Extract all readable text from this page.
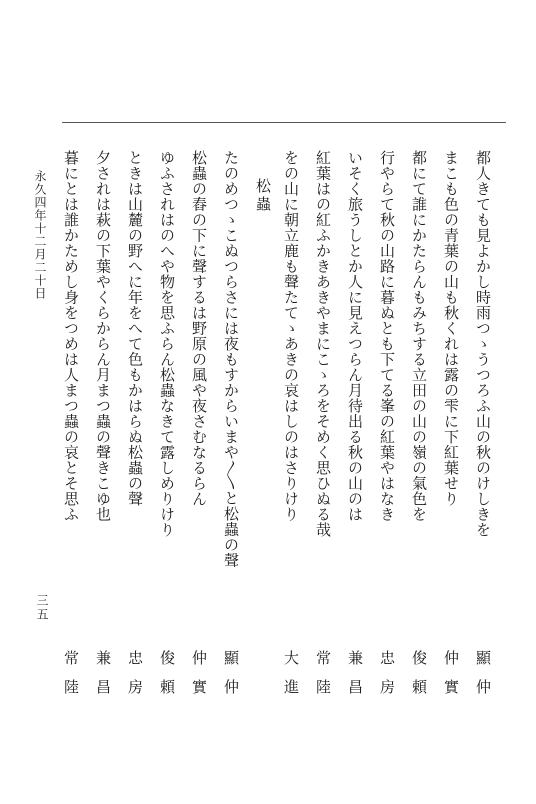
都人きても見よかし時雨つゝうつろふ山の秋のけしきを
まこも色の青葉の山も秋くれは露の雫に下紅葉せり
都にて誰にかたらんもみちする立田の山の嶺の氣色を
行やらて秋の山路に暮ぬとも下てる峯の紅葉やはなき
いそく旅うしとか人に見えつらん月待出る秋の山のは
紅葉はの紅ふかきあきやまにこゝろをそめく思ひぬる哉
をの山に朝立鹿も聲たてゝあきの哀はしのはさりけり
顯仲
仲實
俊頼
忠房
兼昌
常陸
大進
松蟲
たのめつゝこぬつらさには夜もすからいまや〳〵と松蟲の聲
松蟲の舂の下に聲するは野原の風や夜さむなるらん
ゆふされはのへや物を思ふらん松蟲なきて露しめりけり
ときは山麓の野へに年をへて色もかはらぬ松蟲の聲
夕されは萩の下葉やくらからん月まつ蟲の聲きこゆ也
暮にとは誰かためし身をつめは人まつ蟲の哀とそ思ふ
顯仲
仲實
俊頼
忠房
兼昌
常陸
永久四年十二月二十日
三五
